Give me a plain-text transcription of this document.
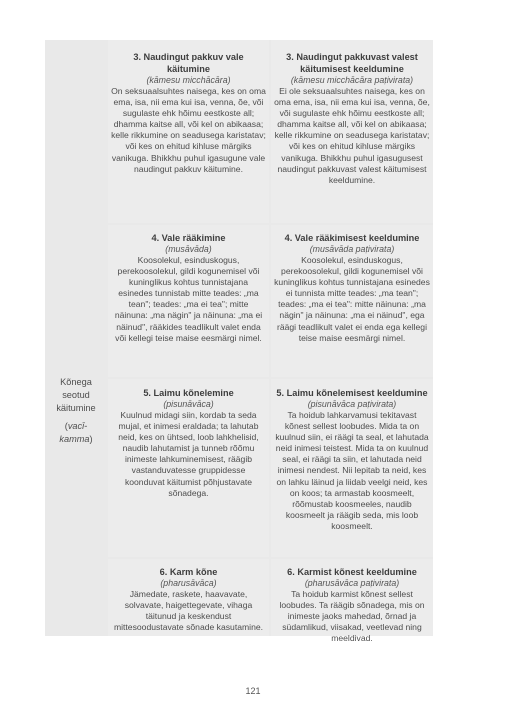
Kõnega
seotud
käitumine
(vacī-
kamma)
3. Naudingut pakkuv vale käitumine
(kāmesu micchācāra)
On seksuaalsuhtes naisega, kes on oma ema, isa, nii ema kui isa, venna, õe, või sugulaste ehk hõimu eestkoste all; dhamma kaitse all, või kel on abikaasa; kelle rikkumine on seadusega karistatav; või kes on ehitud kihluse märgiks vanikuga. Bhikkhu puhul igasugune vale naudingut pakkuv käitumine.
3. Naudingut pakkuvast valest käitumisest keeldumine
(kāmesu micchācāra paṭivirata)
Ei ole seksuaalsuhtes naisega, kes on oma ema, isa, nii ema kui isa, venna, õe, või sugulaste ehk hõimu eestkoste all; dhamma kaitse all, või kel on abikaasa; kelle rikkumine on seadusega karistatav; või kes on ehitud kihluse märgiks vanikuga. Bhikkhu puhul igasugusest naudingut pakkuvast valest käitumisest keeldumine.
4. Vale rääkimine
(musāvāda)
Koosolekul, esinduskogus, perekoosolekul, gildi kogunemisel või kuninglikus kohtus tunnistajana esinedes tunnistab mitte teades: „ma tean"; teades: „ma ei tea"; mitte näinuna: „ma nägin" ja näinuna: „ma ei näinud", rääkides teadlikult valet enda või kellegi teise maise eesmärgi nimel.
4. Vale rääkimisest keeldumine
(musāvāda paṭivirata)
Koosolekul, esinduskogus, perekoosolekul, gildi kogunemisel või kuninglikus kohtus tunnistajana esinedes ei tunnista mitte teades: „ma tean"; teades: „ma ei tea": mitte näinuna: „ma nägin" ja näinuna: „ma ei näinud", ega räägi teadlikult valet ei enda ega kellegi teise maise eesmärgi nimel.
5. Laimu kõnelemine
(pisunāvāca)
Kuulnud midagi siin, kordab ta seda mujal, et inimesi eraldada; ta lahutab neid, kes on ühtsed, loob lahkhelisid, naudib lahutamist ja tunneb rõõmu inimeste lahkuminemisest, räägib vastanduvatesse gruppidesse koonduvat käitumist põhjustavate sõnadega.
5. Laimu kõnelemisest keeldumine
(pisunāvāca paṭivirata)
Ta hoidub lahkarvamusi tekitavast kõnest sellest loobudes. Mida ta on kuulnud siin, ei räägi ta seal, et lahutada neid inimesi teistest. Mida ta on kuulnud seal, ei räägi ta siin, et lahutada neid inimesi nendest. Nii lepitab ta neid, kes on lahku läinud ja liidab veelgi neid, kes on koos; ta armastab koosmeelt, rõõmustab koosmeeles, naudib koosmeelt ja räägib seda, mis loob koosmeelt.
6. Karm kõne
(pharusāvāca)
Jämedate, raskete, haavavate, solvavate, haigettegevate, vihaga täitunud ja keskendust mittesoodustavate sõnade kasutamine.
6. Karmist kõnest keeldumine
(pharusāvāca paṭivirata)
Ta hoidub karmist kõnest sellest loobudes. Ta räägib sõnadega, mis on inimeste jaoks mahedad, õrnad ja südamlikud, viisakad, veetlevad ning meeldivad.
121
